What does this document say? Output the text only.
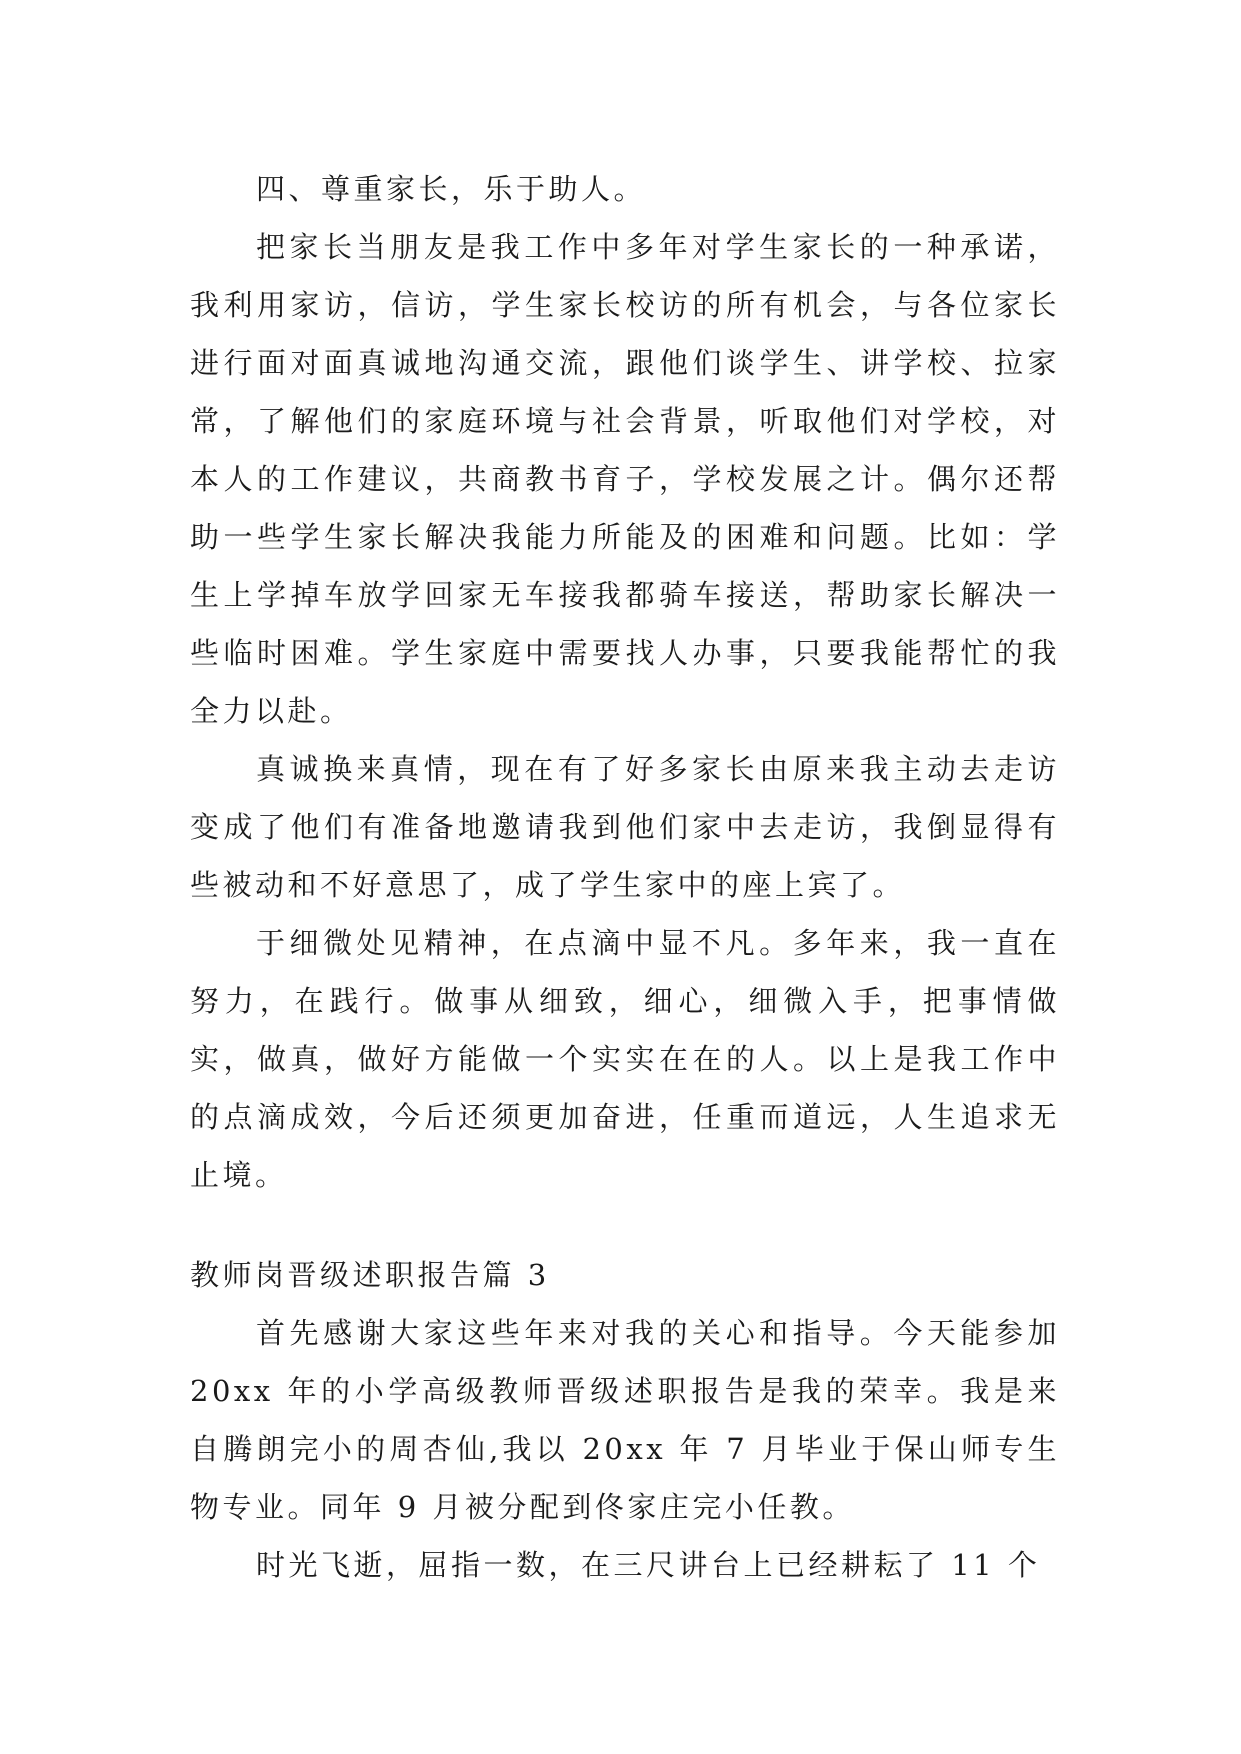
四、尊重家长，乐于助人。

把家长当朋友是我工作中多年对学生家长的一种承诺，我利用家访，信访，学生家长校访的所有机会，与各位家长进行面对面真诚地沟通交流，跟他们谈学生、讲学校、拉家常，了解他们的家庭环境与社会背景，听取他们对学校，对本人的工作建议，共商教书育子，学校发展之计。偶尔还帮助一些学生家长解决我能力所能及的困难和问题。比如：学生上学掉车放学回家无车接我都骑车接送，帮助家长解决一些临时困难。学生家庭中需要找人办事，只要我能帮忙的我全力以赴。

真诚换来真情，现在有了好多家长由原来我主动去走访变成了他们有准备地邀请我到他们家中去走访，我倒显得有些被动和不好意思了，成了学生家中的座上宾了。

于细微处见精神，在点滴中显不凡。多年来，我一直在努力，在践行。做事从细致，细心，细微入手，把事情做实，做真，做好方能做一个实实在在的人。以上是我工作中的点滴成效，今后还须更加奋进，任重而道远，人生追求无止境。

教师岗晋级述职报告篇 3

首先感谢大家这些年来对我的关心和指导。今天能参加 20xx 年的小学高级教师晋级述职报告是我的荣幸。我是来自腾朗完小的周杏仙,我以 20xx 年 7 月毕业于保山师专生物专业。同年 9 月被分配到佟家庄完小任教。

时光飞逝，屈指一数，在三尺讲台上已经耕耘了 11 个
